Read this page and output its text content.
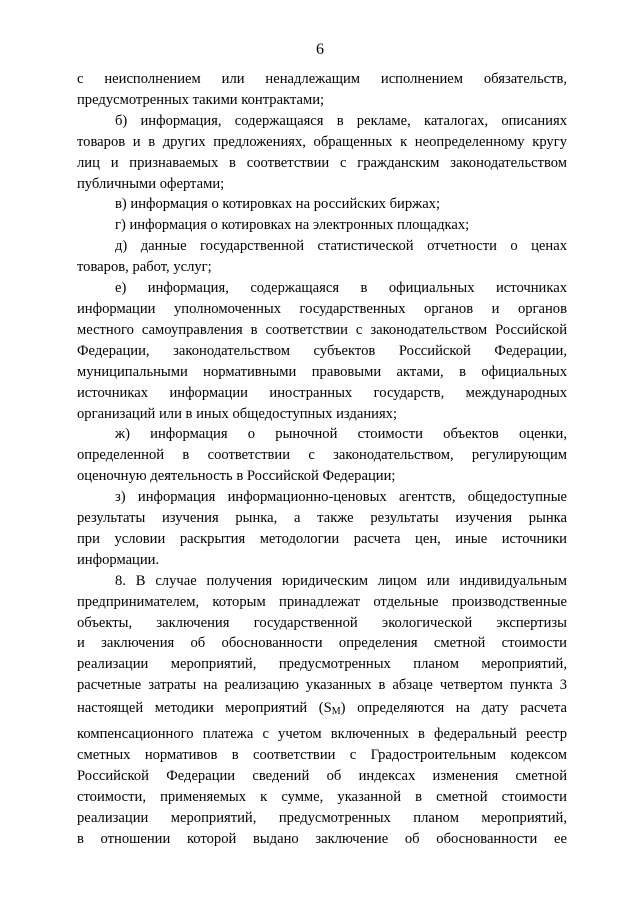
6
с неисполнением или ненадлежащим исполнением обязательств,
предусмотренных такими контрактами;
б) информация, содержащаяся в рекламе, каталогах, описаниях
товаров и в других предложениях, обращенных к неопределенному кругу
лиц и признаваемых в соответствии с гражданским законодательством
публичными офертами;
в) информация о котировках на российских биржах;
г) информация о котировках на электронных площадках;
д) данные государственной статистической отчетности о ценах
товаров, работ, услуг;
е) информация, содержащаяся в официальных источниках
информации уполномоченных государственных органов и органов
местного самоуправления в соответствии с законодательством Российской
Федерации, законодательством субъектов Российской Федерации,
муниципальными нормативными правовыми актами, в официальных
источниках информации иностранных государств, международных
организаций или в иных общедоступных изданиях;
ж) информация о рыночной стоимости объектов оценки,
определенной в соответствии с законодательством, регулирующим
оценочную деятельность в Российской Федерации;
з) информация информационно-ценовых агентств, общедоступные
результаты изучения рынка, а также результаты изучения рынка
при условии раскрытия методологии расчета цен, иные источники
информации.
8. В случае получения юридическим лицом или индивидуальным
предпринимателем, которым принадлежат отдельные производственные
объекты, заключения государственной экологической экспертизы
и заключения об обоснованности определения сметной стоимости
реализации мероприятий, предусмотренных планом мероприятий,
расчетные затраты на реализацию указанных в абзаце четвертом пункта 3
настоящей методики мероприятий $(S_M)$ определяются на дату расчета
компенсационного платежа с учетом включенных в федеральный реестр
сметных нормативов в соответствии с Градостроительным кодексом
Российской Федерации сведений об индексах изменения сметной
стоимости, применяемых к сумме, указанной в сметной стоимости
реализации мероприятий, предусмотренных планом мероприятий,
в отношении которой выдано заключение об обоснованности ее
